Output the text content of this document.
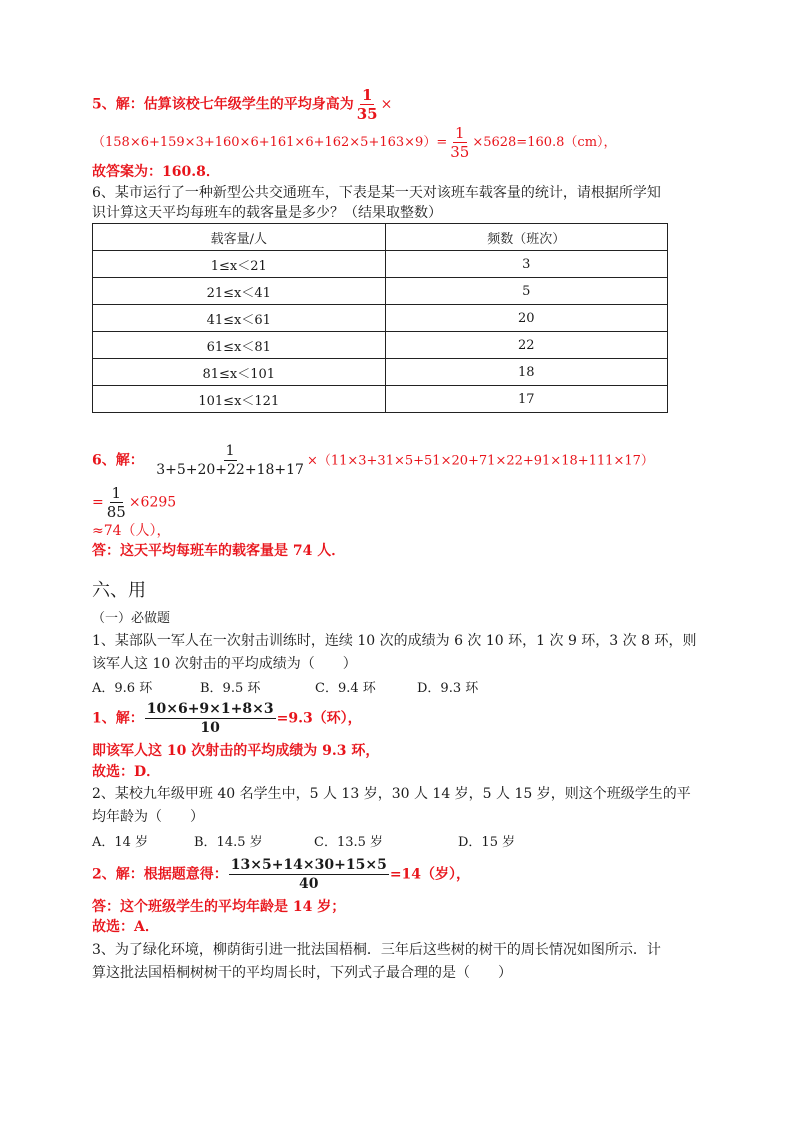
5、解：估算该校七年级学生的平均身高为 $\frac{1}{35}$ ×
$(158\times 6+159\times 3+160\times 6+161\times 6+162\times 5+163\times 9)= \frac{1}{35} \times 5628=160.8(cm)$，
故答案为：160.8．
6、某市运行了一种新型公共交通班车，下表是某一天对该班车载客量的统计，请根据所学知
识计算这天平均每班车的载客量是多少？（结果取整数）
载客量/人	频数（班次）
1≤x＜21	3
21≤x＜41	5
41≤x＜61	20
61≤x＜81	22
81≤x＜101	18
101≤x＜121	17
6、解： $\frac{1}{3+5+20+22+18+17} \times(11\times 3+31\times 5+51\times 20+71\times 22+91\times 18+111\times 17)$
= $\frac{1}{85} \times 6295$
≈74（人），
答：这天平均每班车的载客量是 74 人．
六、用
（一）必做题
1、某部队一军人在一次射击训练时，连续 10 次的成绩为 6 次 10 环，1 次 9 环，3 次 8 环，则
该军人这 10 次射击的平均成绩为（　　）
A．9.6 环	B．9.5 环	C．9.4 环	D．9.3 环
1、解： $\frac{10\times 6+9\times 1+8\times 3}{10} =9.3$（环），
即该军人这 10 次射击的平均成绩为 9.3 环，
故选：D．
2、某校九年级甲班 40 名学生中，5 人 13 岁，30 人 14 岁，5 人 15 岁，则这个班级学生的平
均年龄为（　　）
A．14 岁	B．14.5 岁	C．13.5 岁	D．15 岁
2、解：根据题意得： $\frac{13\times 5+14\times 30+15\times 5}{40} =14$（岁），
答：这个班级学生的平均年龄是 14 岁；
故选：A．
3、为了绿化环境，柳荫街引进一批法国梧桐．三年后这些树的树干的周长情况如图所示．计
算这批法国梧桐树树干的平均周长时，下列式子最合理的是（　　）
